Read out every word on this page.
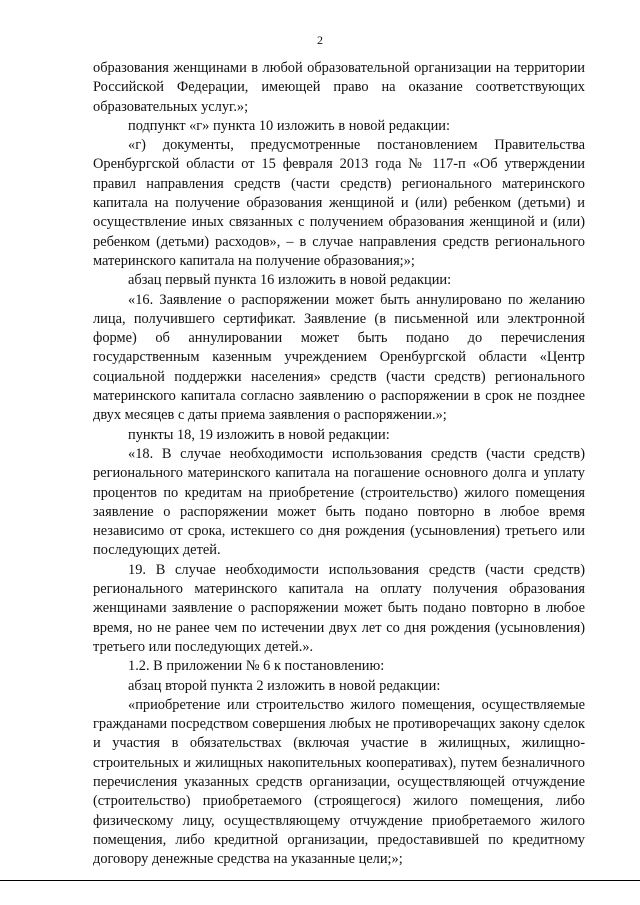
2

образования женщинами в любой образовательной организации на территории Российской Федерации, имеющей право на оказание соответствующих образовательных услуг.»;

подпункт «г» пункта 10 изложить в новой редакции:

«г) документы, предусмотренные постановлением Правительства Оренбургской области от 15 февраля 2013 года № 117-п «Об утверждении правил направления средств (части средств) регионального материнского капитала на получение образования женщиной и (или) ребенком (детьми) и осуществление иных связанных с получением образования женщиной и (или) ребенком (детьми) расходов», – в случае направления средств регионального материнского капитала на получение образования;»;

абзац первый пункта 16 изложить в новой редакции:

«16. Заявление о распоряжении может быть аннулировано по желанию лица, получившего сертификат. Заявление (в письменной или электронной форме) об аннулировании может быть подано до перечисления государственным казенным учреждением Оренбургской области «Центр социальной поддержки населения» средств (части средств) регионального материнского капитала согласно заявлению о распоряжении в срок не позднее двух месяцев с даты приема заявления о распоряжении.»;

пункты 18, 19 изложить в новой редакции:

«18. В случае необходимости использования средств (части средств) регионального материнского капитала на погашение основного долга и уплату процентов по кредитам на приобретение (строительство) жилого помещения заявление о распоряжении может быть подано повторно в любое время независимо от срока, истекшего со дня рождения (усыновления) третьего или последующих детей.

19. В случае необходимости использования средств (части средств) регионального материнского капитала на оплату получения образования женщинами заявление о распоряжении может быть подано повторно в любое время, но не ранее чем по истечении двух лет со дня рождения (усыновления) третьего или последующих детей.».

1.2. В приложении № 6 к постановлению:

абзац второй пункта 2 изложить в новой редакции:

«приобретение или строительство жилого помещения, осуществляемые гражданами посредством совершения любых не противоречащих закону сделок и участия в обязательствах (включая участие в жилищных, жилищно-строительных и жилищных накопительных кооперативах), путем безналичного перечисления указанных средств организации, осуществляющей отчуждение (строительство) приобретаемого (строящегося) жилого помещения, либо физическому лицу, осуществляющему отчуждение приобретаемого жилого помещения, либо кредитной организации, предоставившей по кредитному договору денежные средства на указанные цели;»;
